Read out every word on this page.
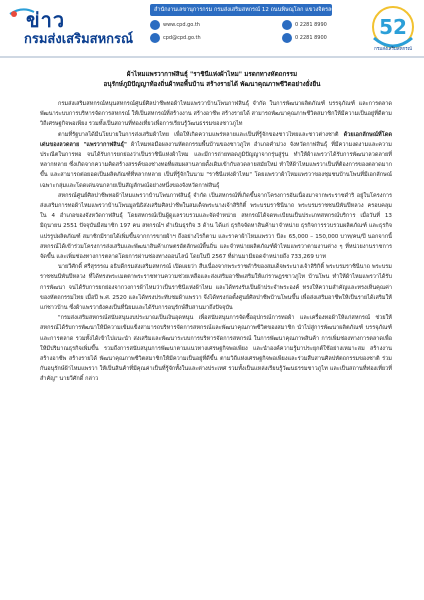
ข่าว
กรมส่งเสริมสหกรณ์
สำนักงานเลขานุการกรม กรมส่งเสริมสหกรณ์ 12 ถนนพิษณุโลก แขวงจิตรลดา เขตดุสิต กรุงเทพฯ 10300
www.cpd.go.th
cpd@cpd.go.th
0 2281 8990
0 2281 8900	52
กรมส่งเสริมสหกรณ์
ผ้าไหมแพรวากาฬสินธุ์ "ราชินีแห่งผ้าไหม" มรดกทางหัตถกรรม
อนุรักษ์ภูมิปัญญาท้องถิ่นผ้าทอพื้นบ้าน สร้างรายได้ พัฒนาคุณภาพชีวิตอย่างยั่งยืน

กรมส่งเสริมสหกรณ์หนุนสหกรณ์ศูนย์ศิลปาชีพทอผ้าไหมแพรวาบ้านโพนกาฬสินธุ์ จำกัด ในการพัฒนาผลิตภัณฑ์ บรรจุภัณฑ์ และการตลาด พัฒนาระบบการบริหารจัดการสหกรณ์ ให้เป็นสหกรณ์ที่สร้างงาน สร้างอาชีพ สร้างรายได้ สามารถพัฒนาคุณภาพชีวิตสมาชิกให้มีความเป็นอยู่ที่ดีตามวิถีเศรษฐกิจพอเพียง รวมทั้งเป็นสถานที่ท่องเที่ยวเพื่อการเรียนรู้วัฒนธรรมของชาวภูไท

ตามที่รัฐบาลได้มีนโยบายในการส่งเสริมผ้าไทย เพื่อให้เกิดความแพร่หลายและเป็นที่รู้จักของชาวไทยและชาวต่างชาติ ด้วยเอกลักษณ์ที่โดดเด่นของลวดลาย "แพรวากาฬสินธุ์" ผ้าไหมทอมือผลงานหัตถกรรมพื้นบ้านของชาวภูไท อำเภอคำม่วง จังหวัดกาฬสินธุ์ ที่มีความงดงามและความประณีตในการทอ จนได้รับการยกย่องว่าเป็นราชินีแห่งผ้าไหม และมีการถ่ายทอดภูมิปัญญาจากรุ่นสู่รุ่น ทำให้ผ้าแพรวาได้รับการพัฒนาลวดลายที่หลากหลาย ซึ่งเกิดจากความคิดสร้างสรรค์ของช่างทอที่ผสมผสานลายดั้งเดิมเข้ากับลวดลายสมัยใหม่ ทำให้ผ้าไหมแพรวาเป็นที่ต้องการของตลาดมากขึ้น และสามารถต่อยอดเป็นผลิตภัณฑ์ที่หลากหลาย เป็นที่รู้จักในนาม "ราชินีแห่งผ้าไหม" โดยแพรวาผ้าไหมแพรวาของชุมชนบ้านโพนที่มีเอกลักษณ์เฉพาะกลุ่มและโดดเด่นจนกลายเป็นสัญลักษณ์อย่างหนึ่งของจังหวัดกาฬสินธุ์

สหกรณ์ศูนย์ศิลปาชีพทอผ้าไหมแพรวาบ้านโพนกาฬสินธุ์ จำกัด เป็นสหกรณ์ที่เกิดขึ้นจากโครงการอันเนื่องมาจากพระราชดำริ อยู่ในโครงการส่งเสริมการทอผ้าไหมแพรวาบ้านโพนมูลนิธิส่งเสริมศิลปาชีพในสมเด็จพระนางเจ้าสิริกิติ์ พระบรมราชินีนาถ พระบรมราชชนนีพันปีหลวง ครอบคลุมใน 4 อำเภอของจังหวัดกาฬสินธุ์ โดยสหกรณ์เป็นผู้ดูแลรวบรวมและจัดจำหน่าย สหกรณ์ได้จดทะเบียนเป็นประเภทสหกรณ์บริการ เมื่อวันที่ 13 มิถุนายน 2551 ปัจจุบันมีสมาชิก 197 คน สหกรณ์ฯ ดำเนินธุรกิจ 3 ด้าน ได้แก่ ธุรกิจจัดหาสินค้ามาจำหน่าย ธุรกิจการรวบรวมผลิตภัณฑ์ และธุรกิจแปรรูปผลิตภัณฑ์ สมาชิกมีรายได้เพิ่มขึ้นจากการขายผ้าฯ ถึงอย่างไรก็ตาม และราคาผ้าไหมแพรวา ปีละ 65,000 – 150,000 บาท/คน/ปี นอกจากนี้ สหกรณ์ได้เข้าร่วมโครงการส่งเสริมและพัฒนาสินค้าเกษตรอัตลักษณ์พื้นถิ่น และจำหน่ายผลิตภัณฑ์ผ้าไหมแพรวาตามงานต่าง ๆ ที่หน่วยงานราชการจัดขึ้น และเพิ่มช่องทางการตลาดโดยการผ่านช่องทางออนไลน์ โดยในปี 2567 ที่ผ่านมามียอดจำหน่ายถึง 733,269 บาท

นายวีศักดิ์ ศรีสุรรรณ อธิบดีกรมส่งเสริมสหกรณ์ เปิดเผยว่า สืบเนื่องจากพระราชดำริของสมเด็จพระนางเจ้าสิริกิติ์ พระบรมราชินีนาถ พระบรมราชชนนีพันปีหลวง ที่ได้ทรงพระเมตตาพระราชทานความช่วยเหลือและส่งเสริมอาชีพเสริมให้แก่ราษฎรชาวภูไท บ้านโพน ทำให้ผ้าไหมแพรวาได้รับการพัฒนา จนได้รับการยกย่องจากวงการผ้าไหมว่าเป็นราชินีแห่งผ้าไหม และได้ทรงรับเป็นผ้าประจำพระองค์ ทรงให้ความสำคัญและทรงเห็นคุณค่าของหัตถกรรมไทย เมื่อปี พ.ศ. 2520 และได้ทรงประทับชมผ้าแพรวา จึงได้ทรงก่อตั้งศูนย์ศิลปาชีพบ้านโพนขึ้น เพื่อส่งเสริมอาชีพให้เป็นรายได้เสริมให้แก่ชาวบ้าน ซึ่งผ้าแพรวายังคงเป็นที่นิยมและได้รับการอนุรักษ์สืบสานมาถึงปัจจุบัน

"กรมส่งเสริมสหกรณ์สนับสนุนงบประมาณเป็นเงินอุดหนุน เพื่อสนับสนุนการจัดซื้ออุปกรณ์การทอผ้า และเครื่องทอผ้าให้แก่สหกรณ์ ช่วยให้สหกรณ์ได้รับการพัฒนาให้มีความเข้มแข็งสามารถบริหารจัดการสหกรณ์และพัฒนาคุณภาพชีวิตของสมาชิก นำไปสู่การพัฒนาผลิตภัณฑ์ บรรจุภัณฑ์ และการตลาด รวมทั้งได้เข้าไปแนะนำ ส่งเสริมและพัฒนาระบบการบริหารจัดการสหกรณ์ ในการพัฒนาคุณภาพสินค้า การเพิ่มช่องทางการตลาดเพื่อให้มีปริมาณธุรกิจเพิ่มขึ้น รวมถึงการสนับสนุนการพัฒนาตามแนวทางเศรษฐกิจพอเพียง และนำองค์ความรู้มาประยุกต์ใช้อย่างเหมาะสม สร้างงาน สร้างอาชีพ สร้างรายได้ พัฒนาคุณภาพชีวิตสมาชิกให้มีความเป็นอยู่ที่ดีขึ้น ตามวิถีแห่งเศรษฐกิจพอเพียงและร่วมสืบสานศิลปหัตถกรรมของชาติ ร่วมกันอนุรักษ์ผ้าไหมแพรวา ให้เป็นสินค้าที่มีคุณค่าเป็นที่รู้จักทั้งในและต่างประเทศ รวมทั้งเป็นแหล่งเรียนรู้วัฒนธรรมชาวภูไท และเป็นสถานที่ท่องเที่ยวที่สำคัญ" นายวีศักดิ์ กล่าว
